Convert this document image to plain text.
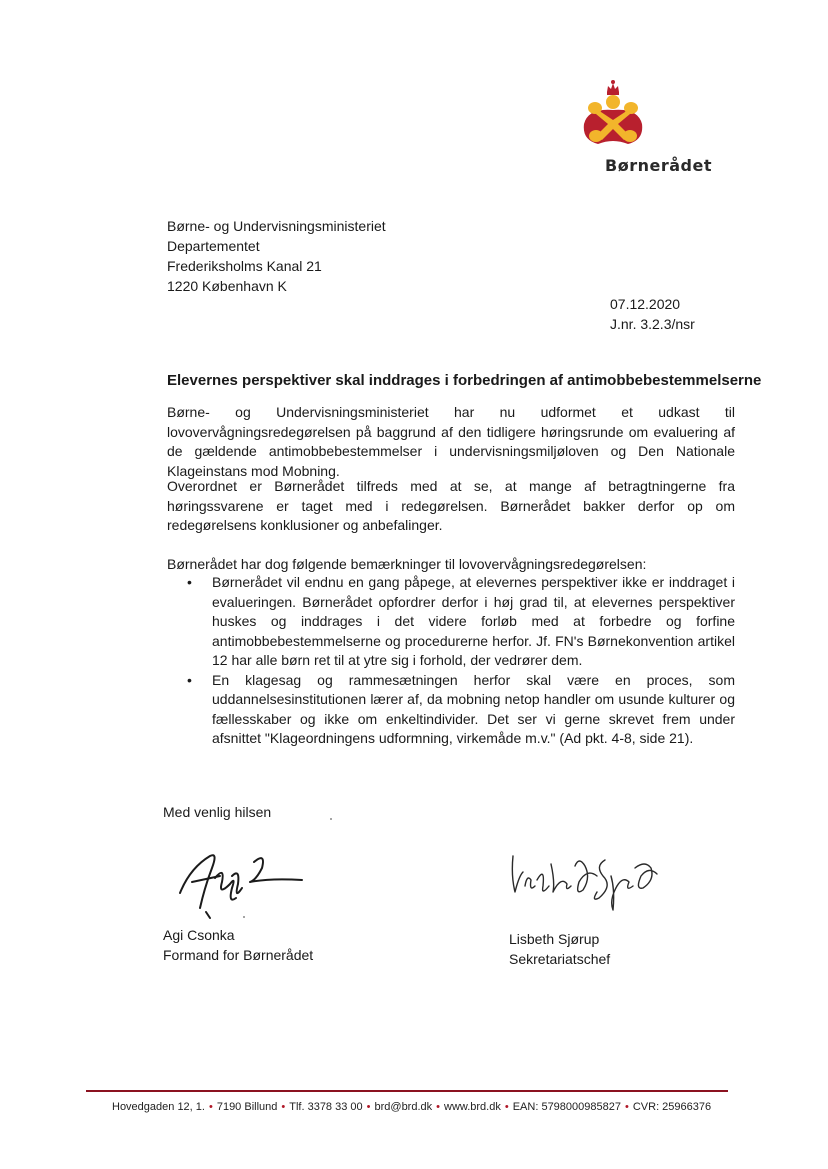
Børnerådet
Børne- og Undervisningsministeriet
Departementet
Frederiksholms Kanal 21
1220 København K
07.12.2020
J.nr. 3.2.3/nsr
Elevernes perspektiver skal inddrages i forbedringen af antimobbebestemmelserne
Børne- og Undervisningsministeriet har nu udformet et udkast til lovovervågningsredegørelsen på baggrund af den tidligere høringsrunde om evaluering af de gældende antimobbebestemmelser i undervisningsmiljøloven og Den Nationale Klageinstans mod Mobning.
Overordnet er Børnerådet tilfreds med at se, at mange af betragtningerne fra høringssvarene er taget med i redegørelsen. Børnerådet bakker derfor op om redegørelsens konklusioner og anbefalinger.
Børnerådet har dog følgende bemærkninger til lovovervågningsredegørelsen:
• Børnerådet vil endnu en gang påpege, at elevernes perspektiver ikke er inddraget i evalueringen. Børnerådet opfordrer derfor i høj grad til, at elevernes perspektiver huskes og inddrages i det videre forløb med at forbedre og forfine antimobbebestemmelserne og procedurerne herfor. Jf. FN's Børnekonvention artikel 12 har alle børn ret til at ytre sig i forhold, der vedrører dem.
• En klagesag og rammesætningen herfor skal være en proces, som uddannelsesinstitutionen lærer af, da mobning netop handler om usunde kulturer og fællesskaber og ikke om enkeltindivider. Det ser vi gerne skrevet frem under afsnittet "Klageordningens udformning, virkemåde m.v." (Ad pkt. 4-8, side 21).
Med venlig hilsen
Agi Csonka
Formand for Børnerådet
Lisbeth Sjørup
Sekretariatschef
Hovedgaden 12, 1. • 7190 Billund • Tlf. 3378 33 00 • brd@brd.dk • www.brd.dk • EAN: 5798000985827 • CVR: 25966376
